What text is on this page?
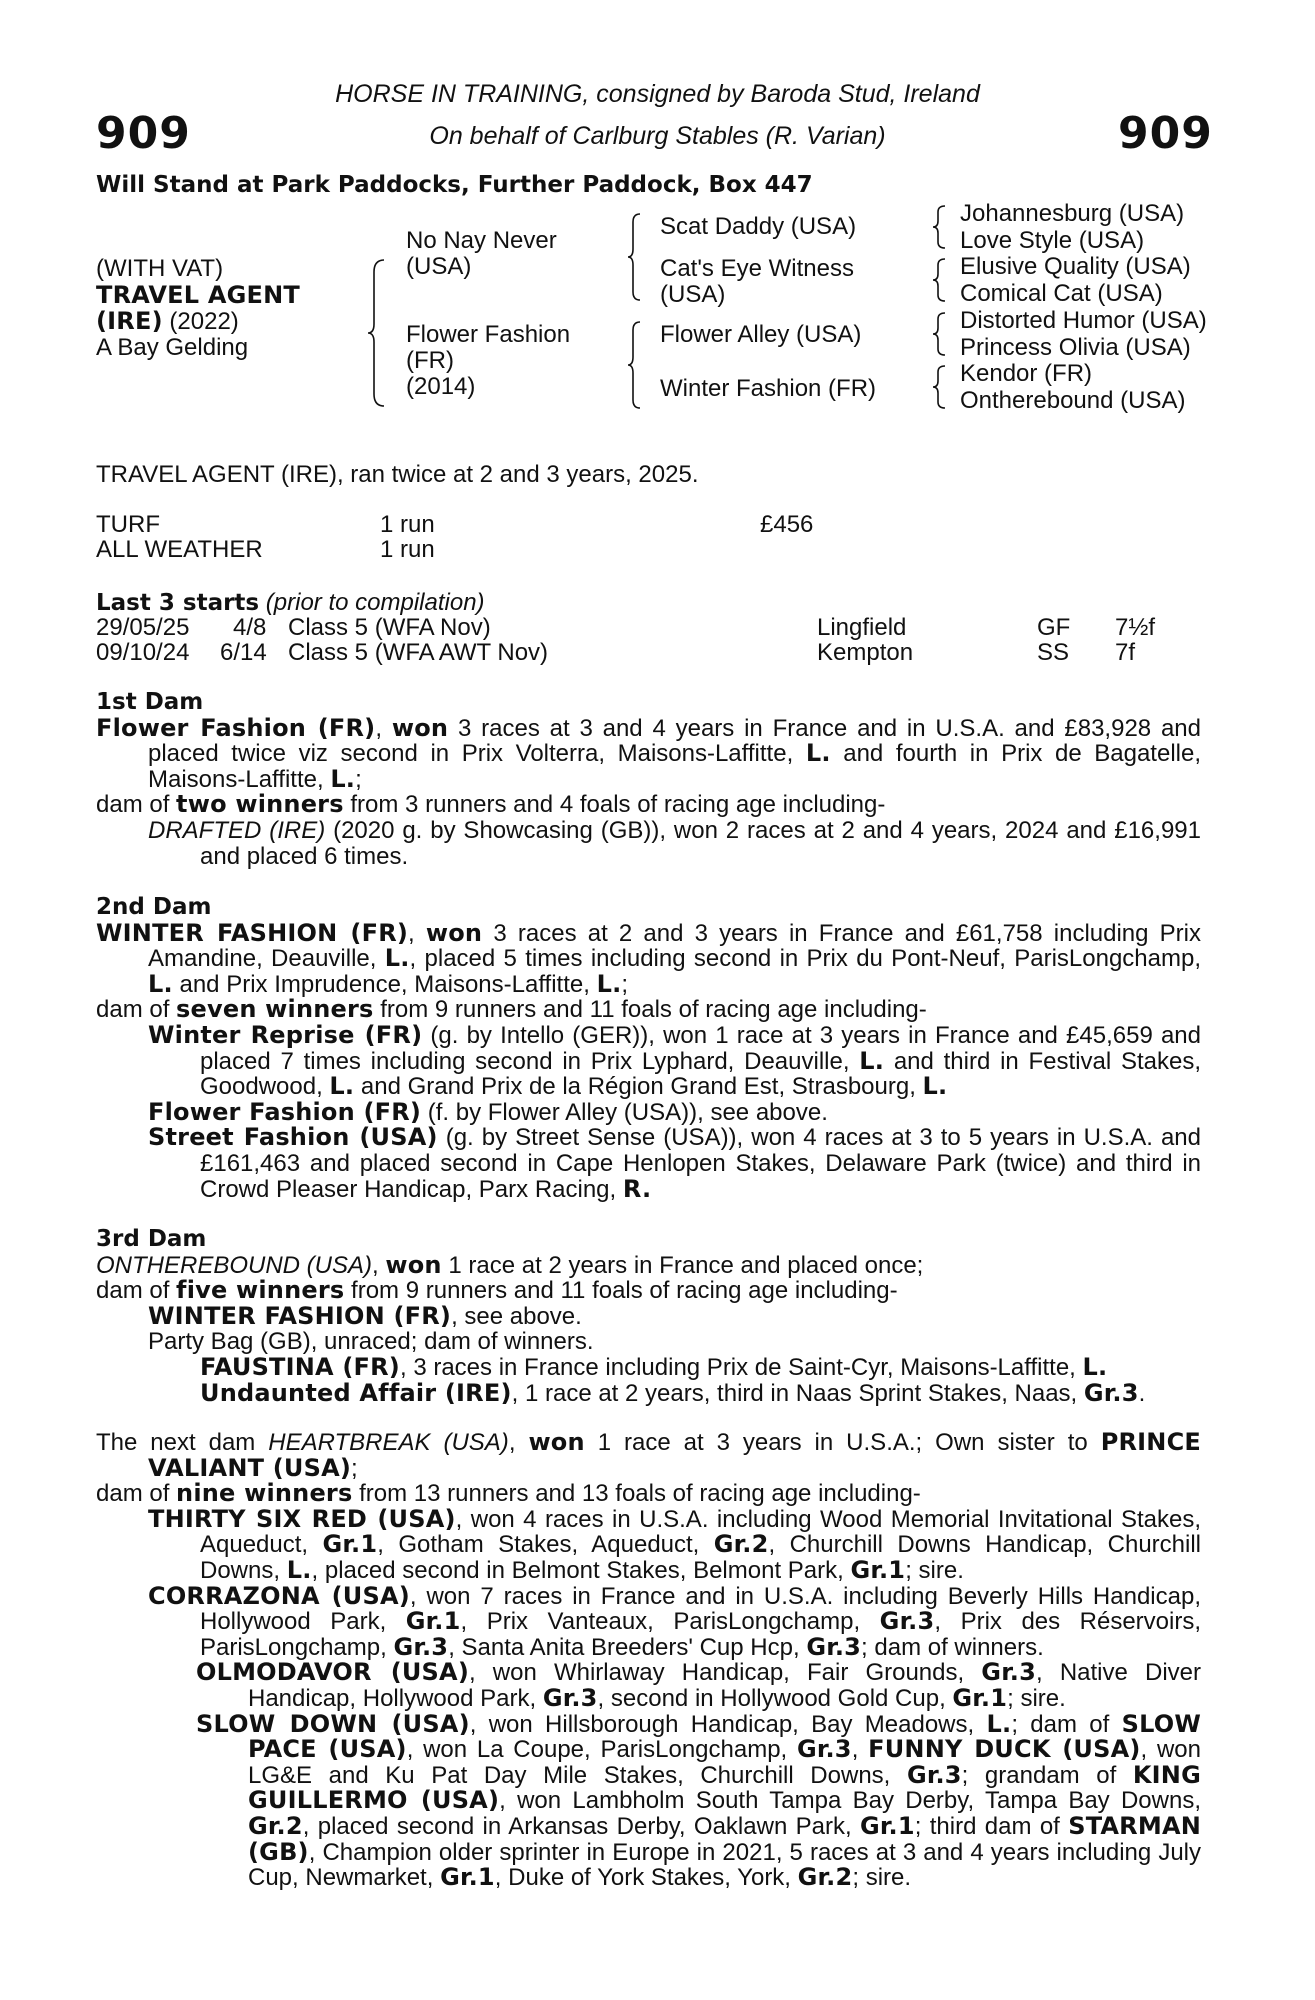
909	909
HORSE IN TRAINING, consigned by Baroda Stud, Ireland
On behalf of Carlburg Stables (R. Varian)
Will Stand at Park Paddocks, Further Paddock, Box 447
(WITH VAT)
TRAVEL AGENT
(IRE) (2022)
A Bay Gelding
No Nay Never
(USA)
Flower Fashion
(FR)
(2014)
Scat Daddy (USA)
Cat's Eye Witness
(USA)
Flower Alley (USA)
Winter Fashion (FR)
Johannesburg (USA)
Love Style (USA)
Elusive Quality (USA)
Comical Cat (USA)
Distorted Humor (USA)
Princess Olivia (USA)
Kendor (FR)
Ontherebound (USA)
TRAVEL AGENT (IRE), ran twice at 2 and 3 years, 2025.
TURF	1 run	£456
ALL WEATHER	1 run
Last 3 starts (prior to compilation)
29/05/25 4/8 Class 5 (WFA Nov)	Lingfield	GF 7½f
09/10/24 6/14 Class 5 (WFA AWT Nov)	Kempton	SS 7f

1st Dam

Flower Fashion (FR), won 3 races at 3 and 4 years in France and in U.S.A. and £83,928 and placed twice viz second in Prix Volterra, Maisons-Laffitte, L. and fourth in Prix de Bagatelle, Maisons-Laffitte, L.;

dam of two winners from 3 runners and 4 foals of racing age including-

DRAFTED (IRE) (2020 g. by Showcasing (GB)), won 2 races at 2 and 4 years, 2024 and £16,991 and placed 6 times.

2nd Dam

WINTER FASHION (FR), won 3 races at 2 and 3 years in France and £61,758 including Prix Amandine, Deauville, L., placed 5 times including second in Prix du Pont-Neuf, ParisLongchamp, L. and Prix Imprudence, Maisons-Laffitte, L.;

dam of seven winners from 9 runners and 11 foals of racing age including-

Winter Reprise (FR) (g. by Intello (GER)), won 1 race at 3 years in France and £45,659 and placed 7 times including second in Prix Lyphard, Deauville, L. and third in Festival Stakes, Goodwood, L. and Grand Prix de la Région Grand Est, Strasbourg, L.

Flower Fashion (FR) (f. by Flower Alley (USA)), see above.

Street Fashion (USA) (g. by Street Sense (USA)), won 4 races at 3 to 5 years in U.S.A. and £161,463 and placed second in Cape Henlopen Stakes, Delaware Park (twice) and third in Crowd Pleaser Handicap, Parx Racing, R.

3rd Dam

ONTHEREBOUND (USA), won 1 race at 2 years in France and placed once;

dam of five winners from 9 runners and 11 foals of racing age including-

WINTER FASHION (FR), see above.

Party Bag (GB), unraced; dam of winners.

FAUSTINA (FR), 3 races in France including Prix de Saint-Cyr, Maisons-Laffitte, L.

Undaunted Affair (IRE), 1 race at 2 years, third in Naas Sprint Stakes, Naas, Gr.3.

The next dam HEARTBREAK (USA), won 1 race at 3 years in U.S.A.; Own sister to PRINCE VALIANT (USA);

dam of nine winners from 13 runners and 13 foals of racing age including-

THIRTY SIX RED (USA), won 4 races in U.S.A. including Wood Memorial Invitational Stakes, Aqueduct, Gr.1, Gotham Stakes, Aqueduct, Gr.2, Churchill Downs Handicap, Churchill Downs, L., placed second in Belmont Stakes, Belmont Park, Gr.1; sire.

CORRAZONA (USA), won 7 races in France and in U.S.A. including Beverly Hills Handicap, Hollywood Park, Gr.1, Prix Vanteaux, ParisLongchamp, Gr.3, Prix des Réservoirs, ParisLongchamp, Gr.3, Santa Anita Breeders' Cup Hcp, Gr.3; dam of winners.

OLMODAVOR (USA), won Whirlaway Handicap, Fair Grounds, Gr.3, Native Diver Handicap, Hollywood Park, Gr.3, second in Hollywood Gold Cup, Gr.1; sire.

SLOW DOWN (USA), won Hillsborough Handicap, Bay Meadows, L.; dam of SLOW PACE (USA), won La Coupe, ParisLongchamp, Gr.3, FUNNY DUCK (USA), won LG&E and Ku Pat Day Mile Stakes, Churchill Downs, Gr.3; grandam of KING GUILLERMO (USA), won Lambholm South Tampa Bay Derby, Tampa Bay Downs, Gr.2, placed second in Arkansas Derby, Oaklawn Park, Gr.1; third dam of STARMAN (GB), Champion older sprinter in Europe in 2021, 5 races at 3 and 4 years including July Cup, Newmarket, Gr.1, Duke of York Stakes, York, Gr.2; sire.
